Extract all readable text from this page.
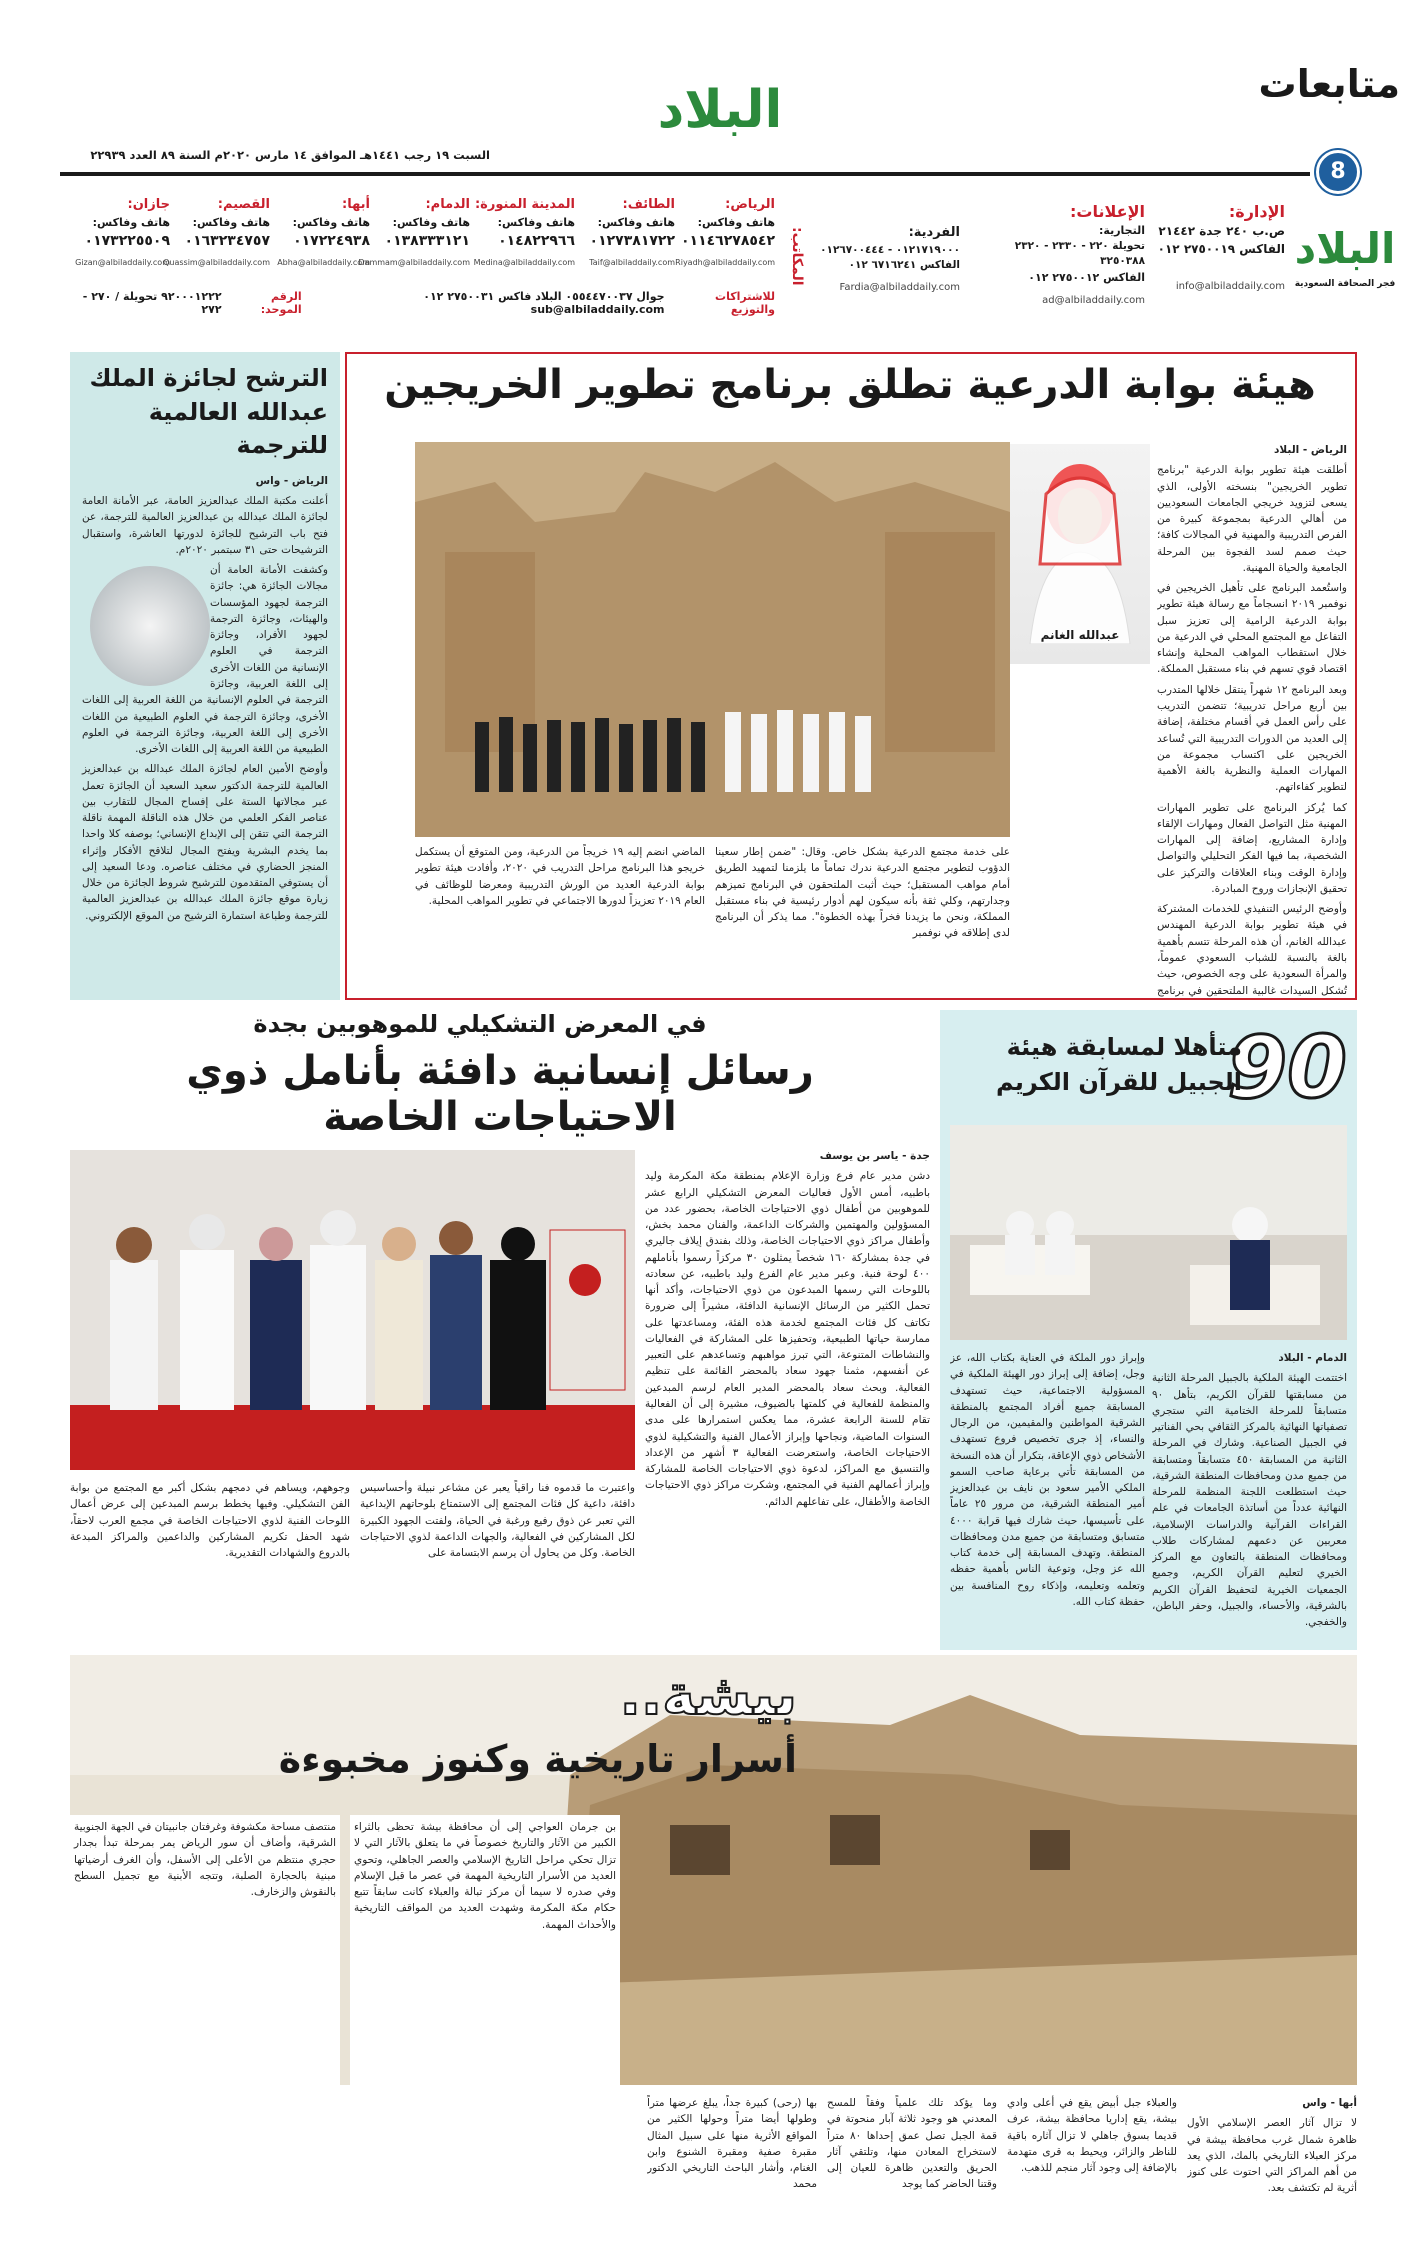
متابعات
8
البلاد
السبت ١٩ رجب ١٤٤١هـ الموافق ١٤ مارس ٢٠٢٠م السنة ٨٩ العدد ٢٢٩٣٩
البلاد
فجر الصحافة السعودية
الإدارة:
ص.ب ٢٤٠ جدة ٢١٤٤٢
الفاكس ٢٧٥٠٠١٩ ٠١٢
info@albiladdaily.com
الإعلانات:
التجارية:
تحويلة ٢٢٠ - ٢٣٣٠ - ٢٣٢٠ ٣٢٥٠٣٨٨
الفاكس ٢٧٥٠٠١٢ ٠١٢
ad@albiladdaily.com
الفردية:
٠١٢١٧١٩٠٠٠ - ٠١٢٦٧٠٠٤٤٤
الفاكس ٦٧١٦٢٤١ ٠١٢
Fardia@albiladdaily.com
المكاتب:
الرياض:
هاتف وفاكس:
٠١١٤٦٢٧٨٥٤٢
Riyadh@albiladdaily.com
الطائف:
هاتف وفاكس:
٠١٢٧٣٨١٧٢٢
Taif@albiladdaily.com
المدينة المنورة:
هاتف وفاكس:
٠١٤٨٢٢٩٦٦
Medina@albiladdaily.com
الدمام:
هاتف وفاكس:
٠١٣٨٣٣٣١٢١
Dammam@albiladdaily.com
أبها:
هاتف وفاكس:
٠١٧٢٢٤٩٣٨
Abha@albiladdaily.com
القصيم:
هاتف وفاكس:
٠١٦٣٢٣٤٧٥٧
Quassim@albiladdaily.com
جازان:
هاتف وفاكس:
٠١٧٣٢٢٥٥٠٩
Gizan@albiladdaily.com
للاشتراكات والتوزيع
جوال ٠٥٥٤٤٧٠٠٣٧ البلاد فاكس ٢٧٥٠٠٣١ ٠١٢ sub@albiladdaily.com
الرقم الموحد:
٩٢٠٠٠١٢٢٢ تحويلة / ٢٧٠ - ٢٧٢
هيئة بوابة الدرعية تطلق برنامج تطوير الخريجين

الرياض - البلاد

أطلقت هيئة تطوير بوابة الدرعية "برنامج تطوير الخريجين" بنسخته الأولى، الذي يسعى لتزويد خريجي الجامعات السعوديين من أهالي الدرعية بمجموعة كبيرة من الفرص التدريبية والمهنية في المجالات كافة؛ حيث صمم لسد الفجوة بين المرحلة الجامعية والحياة المهنية.

واستُعمد البرنامج على تأهيل الخريجين في نوفمبر ٢٠١٩ انسجاماً مع رسالة هيئة تطوير بوابة الدرعية الرامية إلى تعزيز سبل التفاعل مع المجتمع المحلي في الدرعية من خلال استقطاب المواهب المحلية وإنشاء اقتصاد قوي تسهم في بناء مستقبل المملكة.

وبعد البرنامج ١٢ شهراً ينتقل خلالها المتدرب بين أربع مراحل تدريبية؛ تتضمن التدريب على رأس العمل في أقسام مختلفة، إضافة إلى العديد من الدورات التدريبية التي تُساعد الخريجين على اكتساب مجموعة من المهارات العملية والنظرية بالغة الأهمية لتطوير كفاءاتهم.

كما يُركز البرنامج على تطوير المهارات المهنية مثل التواصل الفعال ومهارات الإلقاء وإدارة المشاريع، إضافة إلى المهارات الشخصية، بما فيها الفكر التحليلي والتواصل وإدارة الوقت وبناء العلاقات والتركيز على تحقيق الإنجازات وروح المبادرة.

وأوضح الرئيس التنفيذي للخدمات المشتركة في هيئة تطوير بوابة الدرعية المهندس عبدالله الغانم، أن هذه المرحلة تتسم بأهمية بالغة بالنسبة للشباب السعودي عموماً، والمرأة السعودية على وجه الخصوص، حيث تُشكل السيدات غالبية الملتحقين في برنامج

عبدالله الغانم
على خدمة مجتمع الدرعية بشكل خاص. وقال: "ضمن إطار سعينا الدؤوب لتطوير مجتمع الدرعية ندرك تماماً ما يلزمنا لتمهيد الطريق أمام مواهب المستقبل؛ حيث أثبت الملتحقون في البرنامج تميزهم وجدارتهم، وكلي ثقة بأنه سيكون لهم أدوار رئيسية في بناء مستقبل المملكة، ونحن ما يزيدنا فخراً بهذه الخطوة". مما يذكر أن البرنامج لدى إطلاقه في نوفمبر
الماضي انضم إليه ١٩ خريجاً من الدرعية، ومن المتوقع أن يستكمل خريجو هذا البرنامج مراحل التدريب في ٢٠٢٠، وأفادت هيئة تطوير بوابة الدرعية العديد من الورش التدريبية ومعرضا للوظائف في العام ٢٠١٩ تعزيزاً لدورها الاجتماعي في تطوير المواهب المحلية.
الترشح لجائزة الملك عبدالله العالمية للترجمة

الرياض - واس

أعلنت مكتبة الملك عبدالعزيز العامة، عبر الأمانة العامة لجائزة الملك عبدالله بن عبدالعزيز العالمية للترجمة، عن فتح باب الترشيح للجائزة لدورتها العاشرة، واستقبال الترشيحات حتى ٣١ سبتمبر ٢٠٢٠م.

وكشفت الأمانة العامة أن مجالات الجائزة هي: جائزة الترجمة لجهود المؤسسات والهيئات، وجائزة الترجمة لجهود الأفراد، وجائزة الترجمة في العلوم الإنسانية من اللغات الأخرى إلى اللغة العربية، وجائزة الترجمة في العلوم الإنسانية من اللغة العربية إلى اللغات الأخرى، وجائزة الترجمة في العلوم الطبيعية من اللغات الأخرى إلى اللغة العربية، وجائزة الترجمة في العلوم الطبيعية من اللغة العربية إلى اللغات الأخرى.

وأوضح الأمين العام لجائزة الملك عبدالله بن عبدالعزيز العالمية للترجمة الدكتور سعيد السعيد أن الجائزة تعمل عبر مجالاتها الستة على إفساح المجال للتقارب بين عناصر الفكر العلمي من خلال هذه الناقلة المهمة ناقلة الترجمة التي تتقن إلى الإبداع الإنساني؛ بوصفه كلا واحدا بما يخدم البشرية ويفتح المجال لتلاقح الأفكار وإثراء المنجز الحضاري في مختلف عناصره. ودعا السعيد إلى أن يستوفي المتقدمون للترشيح شروط الجائزة من خلال زيارة موقع جائزة الملك عبدالله بن عبدالعزيز العالمية للترجمة وطباعة استمارة الترشيح من الموقع الإلكتروني.

في المعرض التشكيلي للموهوبين بجدة
رسائل إنسانية دافئة بأنامل ذوي الاحتياجات الخاصة

جدة - ياسر بن يوسف

دشن مدير عام فرع وزارة الإعلام بمنطقة مكة المكرمة وليد باطبيه، أمس الأول فعاليات المعرض التشكيلي الرابع عشر للموهوبين من أطفال ذوي الاحتياجات الخاصة، بحضور عدد من المسؤولين والمهتمين والشركات الداعمة، والفنان محمد بخش، وأطفال مراكز ذوي الاحتياجات الخاصة، وذلك بفندق إيلاف جاليري في جدة بمشاركة ١٦٠ شخصاً يمثلون ٣٠ مركزاً رسموا بأناملهم ٤٠٠ لوحة فنية. وعبر مدير عام الفرع وليد باطبيه، عن سعادته باللوحات التي رسمها المبدعون من ذوي الاحتياجات، وأكد أنها تحمل الكثير من الرسائل الإنسانية الدافئة، مشيراً إلى ضرورة تكاتف كل فئات المجتمع لخدمة هذه الفئة، ومساعدتها على ممارسة حياتها الطبيعية، وتحفيزها على المشاركة في الفعاليات والنشاطات المتنوعة، التي تبرز مواهبهم وتساعدهم على التعبير عن أنفسهم، مثمنا جهود سعاد بالمحضر القائمة على تنظيم الفعالية. وبحث سعاد بالمحضر المدير العام لرسم المبدعين والمنظمة للفعالية في كلمتها بالضيوف، مشيرة إلى أن الفعالية تقام للسنة الرابعة عشرة، مما يعكس استمرارها على مدى السنوات الماضية، ونجاحها وإبراز الأعمال الفنية والتشكيلية لذوي الاحتياجات الخاصة، واستعرضت الفعالية ٣ أشهر من الإعداد والتنسيق مع المراكز، لدعوة ذوي الاحتياجات الخاصة للمشاركة وإبراز أعمالهم الفنية في المجتمع، وشكرت مراكز ذوي الاحتياجات الخاصة والأطفال، على تفاعلهم الدائم.

واعتبرت ما قدموه فنا راقياً يعبر عن مشاعر نبيلة وأحساسيس دافئة، داعية كل فئات المجتمع إلى الاستمتاع بلوحاتهم الإبداعية التي تعبر عن ذوق رفيع ورغبة في الحياة، ولفتت الجهود الكبيرة لكل المشاركين في الفعالية، والجهات الداعمة لذوي الاحتياجات الخاصة. وكل من يحاول أن يرسم الابتسامة على
وجوههم، ويساهم في دمجهم بشكل أكبر مع المجتمع من بوابة الفن التشكيلي. وفيها يخطط برسم المبدعين إلى عرض أعمال اللوحات الفنية لذوي الاحتياجات الخاصة في مجمع العرب لاحقاً، شهد الحفل تكريم المشاركين والداعمين والمراكز المبدعة بالدروع والشهادات التقديرية.
90
متأهلا لمسابقة هيئة الجبيل للقرآن الكريم

الدمام - البلاد

اختتمت الهيئة الملكية بالجبيل المرحلة الثانية من مسابقتها للقرآن الكريم، بتأهل ٩٠ متسابقاً للمرحلة الختامية التي ستجري تصفياتها النهائية بالمركز الثقافي بحي الفناتير في الجبيل الصناعية. وشارك في المرحلة الثانية من المسابقة ٤٥٠ متسابقاً ومتسابقة من جميع مدن ومحافظات المنطقة الشرقية، حيث استطلعت اللجنة المنظمة للمرحلة النهائية عدداً من أساتذة الجامعات في علم القراءات القرآنية والدراسات الإسلامية، معربين عن دعمهم لمشاركات طلاب ومحافظات المنطقة بالتعاون مع المركز الخيري لتعليم القرآن الكريم، وجميع الجمعيات الخيرية لتحفيظ القرآن الكريم بالشرقية، والأحساء، والجبيل، وحفر الباطن، والخفجي.

وإبراز دور الملكة في العناية بكتاب الله، عز وجل، إضافة إلى إبراز دور الهيئة الملكية في المسؤولية الاجتماعية، حيث تستهدف المسابقة جميع أفراد المجتمع بالمنطقة الشرقية المواطنين والمقيمين، من الرجال والنساء، إذ جرى تخصيص فروع تستهدف الأشخاص ذوي الإعاقة، بتكرار أن هذه النسخة من المسابقة تأتي برعاية صاحب السمو الملكي الأمير سعود بن نايف بن عبدالعزيز أمير المنطقة الشرقية، من مرور ٢٥ عاماً على تأسيسها، حيث شارك فيها قرابة ٤٠٠٠ متسابق ومتسابقة من جميع مدن ومحافظات المنطقة. وتهدف المسابقة إلى خدمة كتاب الله عز وجل، وتوعية الناس بأهمية حفظه وتعلمه وتعليمه، وإذكاء روح المنافسة بين حفظة كتاب الله.
بيشة..
أسرار تاريخية وكنوز مخبوءة

أبها - واس

لا تزال آثار العصر الإسلامي الأول ظاهرة شمال غرب محافظة بيشة في مركز العبلاء التاريخي بالمك، الذي يعد من أهم المراكز التي احتوت على كنوز أثرية لم تكتشف بعد.

والعبلاء جبل أبيض يقع في أعلى وادي بيشة، يقع إداريا محافظة بيشة، عرف قديما بسوق جاهلي لا تزال آثاره باقية للناظر والزائر، ويحيط به قرى متهدمة بالإضافة إلى وجود آثار منجم للذهب.
وما يؤكد تلك علمياً وفقاً للمسح المعدني هو وجود ثلاثة آبار منحوتة في قمة الجبل تصل عمق إحداها ٨٠ متراً لاستخراج المعادن منها، وتلتقي آثار الحريق والتعدين ظاهرة للعيان إلى وقتنا الحاضر كما يوجد
بها (رحى) كبيرة جداً، يبلغ عرضها متراً وطولها أيضا متراً وحولها الكثير من المواقع الأثرية منها على سبيل المثال مقبرة صفية ومقبرة الشنوع وابن الغنام، وأشار الباحث التاريخي الدكتور محمد
منتصف مساحة مكشوفة وغرفتان جانبيتان في الجهة الجنوبية الشرقية، وأضاف أن سور الرياض يمر بمرحلة تبدأ بجدار حجري منتظم من الأعلى إلى الأسفل، وأن الغرف أرضياتها مبنية بالحجارة الصلبة، وتتجه الأبنية مع تجميل السطح بالنقوش والزخارف.
بن جرمان العواجي إلى أن محافظة بيشة تحظى بالثراء الكبير من الآثار والتاريخ خصوصاً في ما يتعلق بالآثار التي لا تزال تحكي مراحل التاريخ الإسلامي والعصر الجاهلي، وتحوي العديد من الأسرار التاريخية المهمة في عصر ما قبل الإسلام وفي صدره لا سيما أن مركز تبالة والعبلاء كانت سابقاً تتبع حكام مكة المكرمة وشهدت العديد من المواقف التاريخية والأحداث المهمة.
